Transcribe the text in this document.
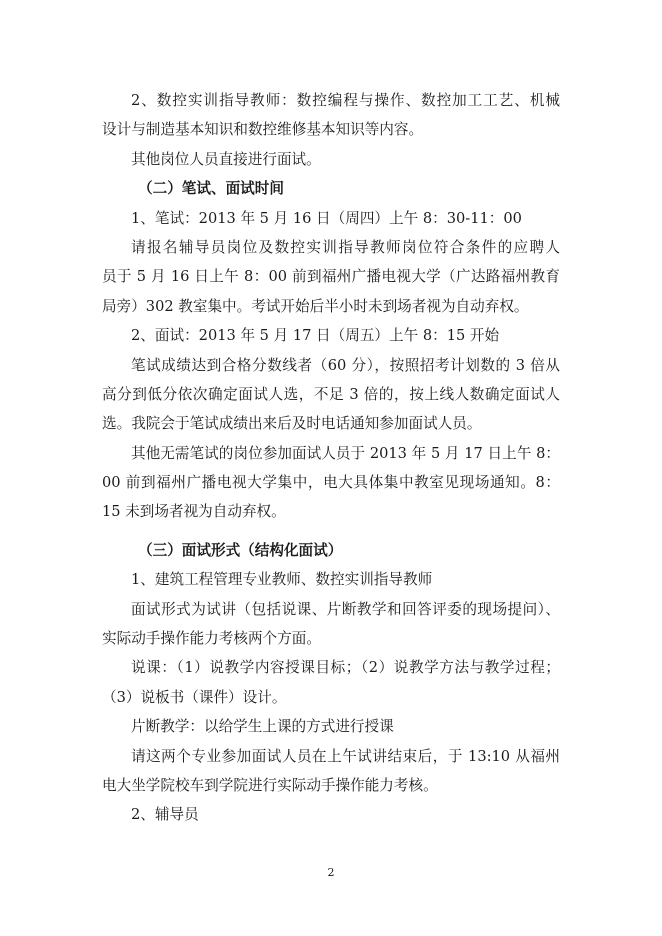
2、数控实训指导教师：数控编程与操作、数控加工工艺、机械
设计与制造基本知识和数控维修基本知识等内容。
其他岗位人员直接进行面试。
（二）笔试、面试时间
1、笔试：2013 年 5 月 16 日（周四）上午 8：30-11：00
请报名辅导员岗位及数控实训指导教师岗位符合条件的应聘人
员于 5 月 16 日上午 8：00 前到福州广播电视大学（广达路福州教育
局旁）302 教室集中。考试开始后半小时未到场者视为自动弃权。
2、面试：2013 年 5 月 17 日（周五）上午 8：15 开始
笔试成绩达到合格分数线者（60 分），按照招考计划数的 3 倍从
高分到低分依次确定面试人选，不足 3 倍的，按上线人数确定面试人
选。我院会于笔试成绩出来后及时电话通知参加面试人员。
其他无需笔试的岗位参加面试人员于 2013 年 5 月 17 日上午 8：
00 前到福州广播电视大学集中，电大具体集中教室见现场通知。8：
15 未到场者视为自动弃权。
（三）面试形式（结构化面试）
1、建筑工程管理专业教师、数控实训指导教师
面试形式为试讲（包括说课、片断教学和回答评委的现场提问）、
实际动手操作能力考核两个方面。
说课：（1）说教学内容授课目标；（2）说教学方法与教学过程；
（3）说板书（课件）设计。
片断教学：以给学生上课的方式进行授课
请这两个专业参加面试人员在上午试讲结束后，于 13:10 从福州
电大坐学院校车到学院进行实际动手操作能力考核。
2、辅导员
2
